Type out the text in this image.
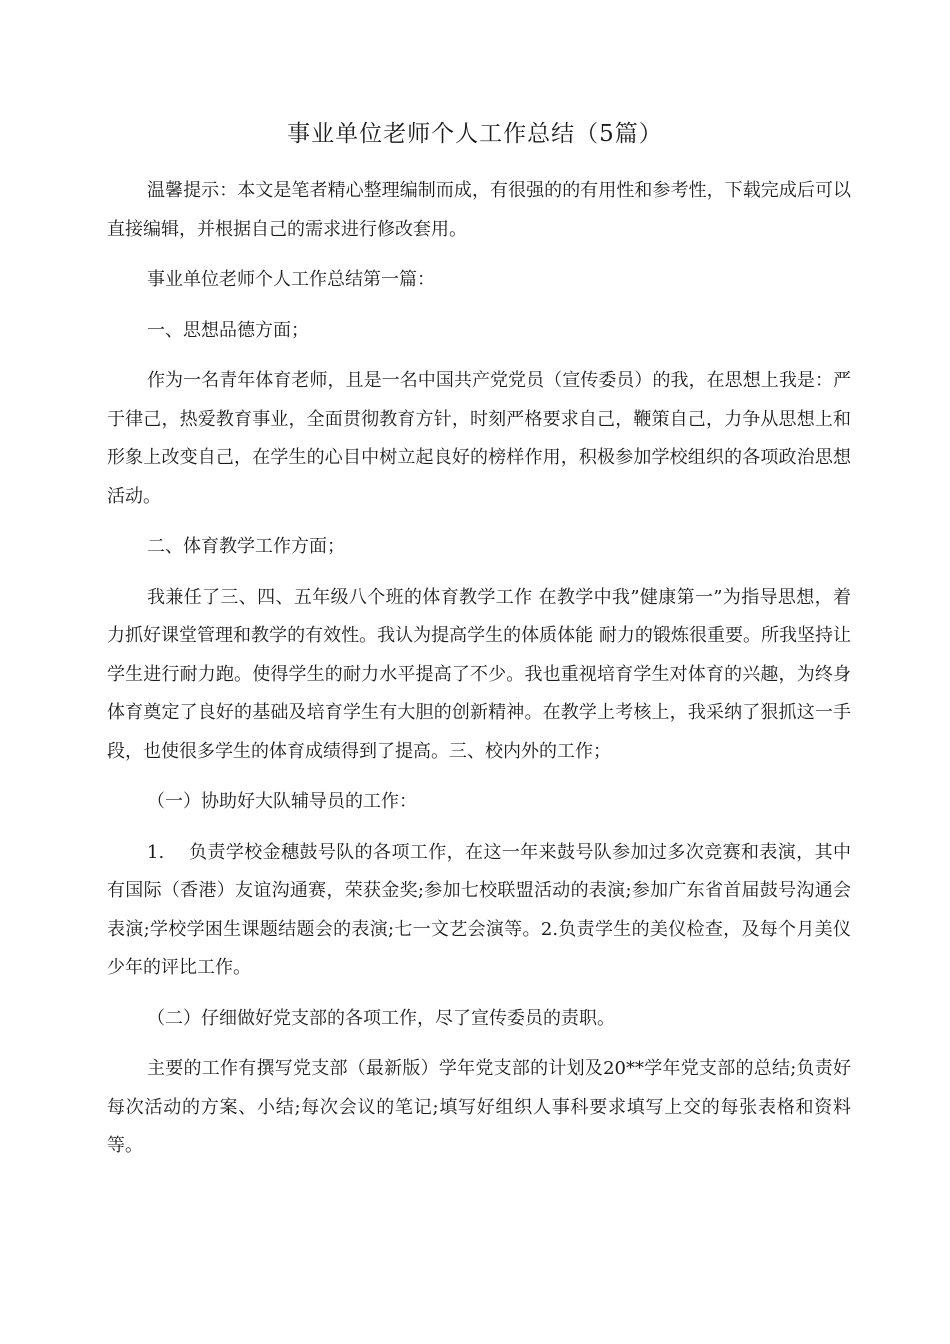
事业单位老师个人工作总结（5篇）

温馨提示：本文是笔者精心整理编制而成，有很强的的有用性和参考性，下载完成后可以直接编辑，并根据自己的需求进行修改套用。

事业单位老师个人工作总结第一篇：

一、思想品德方面；

作为一名青年体育老师，且是一名中国共产党党员（宣传委员）的我，在思想上我是：严于律己，热爱教育事业，全面贯彻教育方针，时刻严格要求自己，鞭策自己，力争从思想上和形象上改变自己，在学生的心目中树立起良好的榜样作用，积极参加学校组织的各项政治思想活动。

二、体育教学工作方面；

我兼任了三、四、五年级八个班的体育教学工作 在教学中我”健康第一”为指导思想，着力抓好课堂管理和教学的有效性。我认为提高学生的体质体能 耐力的锻炼很重要。所我坚持让学生进行耐力跑。使得学生的耐力水平提高了不少。我也重视培育学生对体育的兴趣，为终身体育奠定了良好的基础及培育学生有大胆的创新精神。在教学上考核上，我采纳了狠抓这一手段，也使很多学生的体育成绩得到了提高。三、校内外的工作；

（一）协助好大队辅导员的工作：

1.　 负责学校金穗鼓号队的各项工作，在这一年来鼓号队参加过多次竞赛和表演，其中有国际（香港）友谊沟通赛，荣获金奖;参加七校联盟活动的表演;参加广东省首届鼓号沟通会表演;学校学困生课题结题会的表演;七一文艺会演等。2.负责学生的美仪检查，及每个月美仪少年的评比工作。

（二）仔细做好党支部的各项工作，尽了宣传委员的责职。

主要的工作有撰写党支部（最新版）学年党支部的计划及20**学年党支部的总结;负责好每次活动的方案、小结;每次会议的笔记;填写好组织人事科要求填写上交的每张表格和资料等。
